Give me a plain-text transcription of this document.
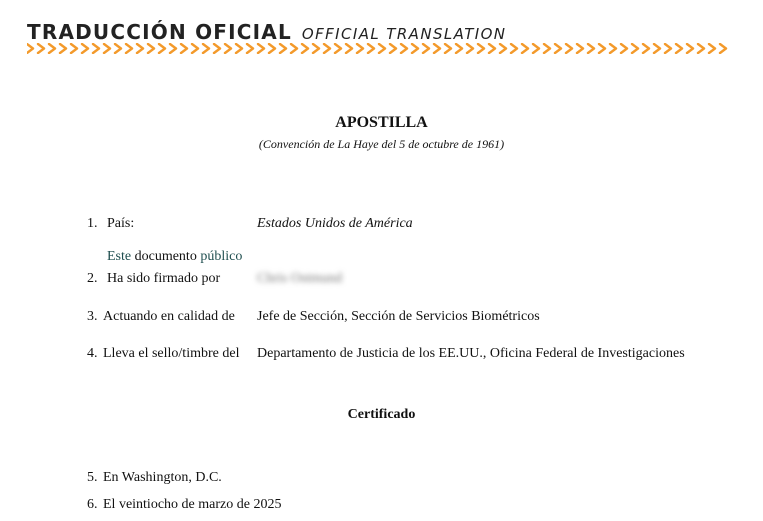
TRADUCCIÓN OFICIAL OFFICIAL TRANSLATION
APOSTILLA
(Convención de La Haye del 5 de octubre de 1961)
1. País:	Estados Unidos de América
Este documento público
2. Ha sido firmado por	Chris Ostmund
3. Actuando en calidad de Jefe de Sección, Sección de Servicios Biométricos
4. Lleva el sello/timbre del Departamento de Justicia de los EE.UU., Oficina Federal de Investigaciones
Certificado
5. En Washington, D.C.
6. El veintiocho de marzo de 2025
